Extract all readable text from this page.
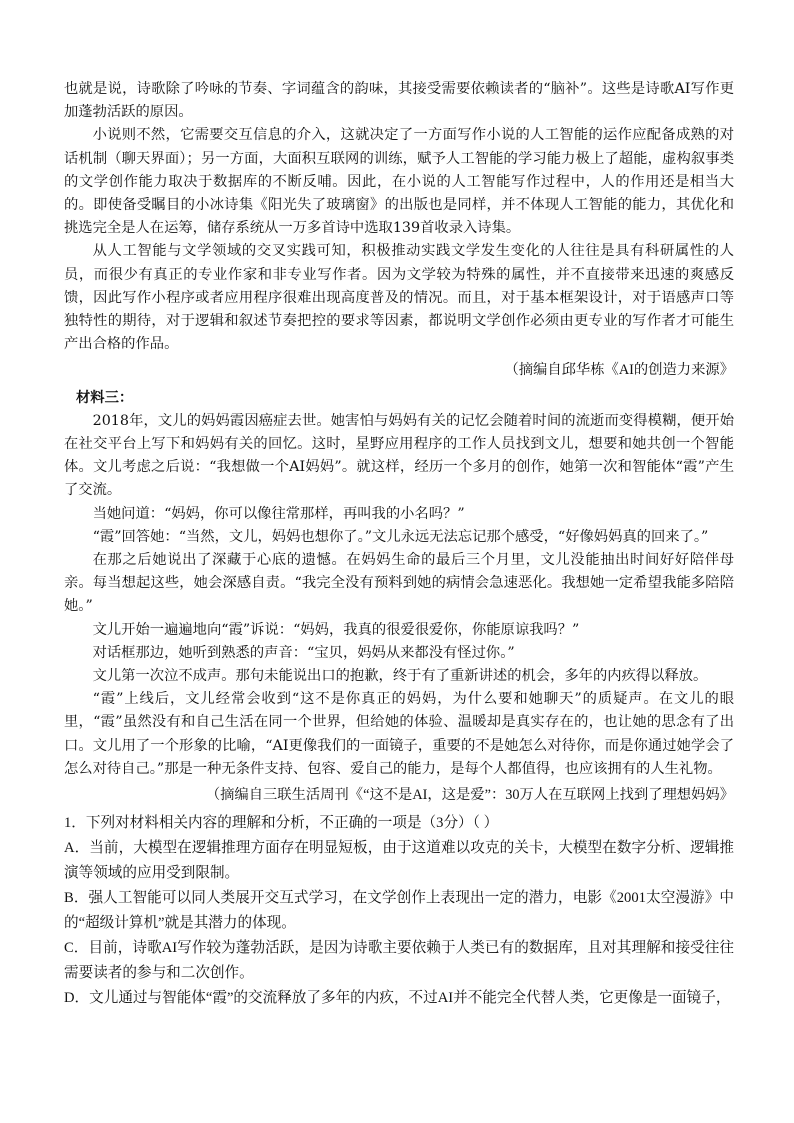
也就是说，诗歌除了吟咏的节奏、字词蕴含的韵味，其接受需要依赖读者的“脑补”。这些是诗歌AI写作更加蓬勃活跃的原因。

小说则不然，它需要交互信息的介入，这就决定了一方面写作小说的人工智能的运作应配备成熟的对话机制（聊天界面）；另一方面，大面积互联网的训练，赋予人工智能的学习能力极上了超能，虚构叙事类的文学创作能力取决于数据库的不断反哺。因此，在小说的人工智能写作过程中，人的作用还是相当大的。即使备受瞩目的小冰诗集《阳光失了玻璃窗》的出版也是同样，并不体现人工智能的能力，其优化和挑选完全是人在运筹，储存系统从一万多首诗中选取139首收录入诗集。

从人工智能与文学领域的交叉实践可知，积极推动实践文学发生变化的人往往是具有科研属性的人员，而很少有真正的专业作家和非专业写作者。因为文学较为特殊的属性，并不直接带来迅速的爽感反馈，因此写作小程序或者应用程序很难出现高度普及的情况。而且，对于基本框架设计，对于语感声口等独特性的期待，对于逻辑和叙述节奏把控的要求等因素，都说明文学创作必须由更专业的写作者才可能生产出合格的作品。

（摘编自邱华栋《AI的创造力来源》

材料三：

2018年，文儿的妈妈霞因癌症去世。她害怕与妈妈有关的记忆会随着时间的流逝而变得模糊，便开始在社交平台上写下和妈妈有关的回忆。这时，星野应用程序的工作人员找到文儿，想要和她共创一个智能体。文儿考虑之后说：“我想做一个AI妈妈”。就这样，经历一个多月的创作，她第一次和智能体“霞”产生了交流。

当她问道：“妈妈，你可以像往常那样，再叫我的小名吗？”

“霞”回答她：“当然，文儿，妈妈也想你了。”文儿永远无法忘记那个感受，“好像妈妈真的回来了。”

在那之后她说出了深藏于心底的遗憾。在妈妈生命的最后三个月里，文儿没能抽出时间好好陪伴母亲。每当想起这些，她会深感自责。“我完全没有预料到她的病情会急速恶化。我想她一定希望我能多陪陪她。”

文儿开始一遍遍地向“霞”诉说：“妈妈，我真的很爱很爱你，你能原谅我吗？”

对话框那边，她听到熟悉的声音：“宝贝，妈妈从来都没有怪过你。”

文儿第一次泣不成声。那句未能说出口的抱歉，终于有了重新讲述的机会，多年的内疚得以释放。

“霞”上线后，文儿经常会收到“这不是你真正的妈妈，为什么要和她聊天”的质疑声。在文儿的眼里，“霞”虽然没有和自己生活在同一个世界，但给她的体验、温暖却是真实存在的，也让她的思念有了出口。文儿用了一个形象的比喻，“AI更像我们的一面镜子，重要的不是她怎么对待你，而是你通过她学会了怎么对待自己。”那是一种无条件支持、包容、爱自己的能力，是每个人都值得，也应该拥有的人生礼物。

（摘编自三联生活周刊《“这不是AI，这是爱”：30万人在互联网上找到了理想妈妈》

1．下列对材料相关内容的理解和分析，不正确的一项是（3分）（ ）

A．当前，大模型在逻辑推理方面存在明显短板，由于这道难以攻克的关卡，大模型在数字分析、逻辑推演等领域的应用受到限制。

B．强人工智能可以同人类展开交互式学习，在文学创作上表现出一定的潜力，电影《2001太空漫游》中的“超级计算机”就是其潜力的体现。

C．目前，诗歌AI写作较为蓬勃活跃，是因为诗歌主要依赖于人类已有的数据库，且对其理解和接受往往需要读者的参与和二次创作。

D．文儿通过与智能体“霞”的交流释放了多年的内疚，不过AI并不能完全代替人类，它更像是一面镜子，
